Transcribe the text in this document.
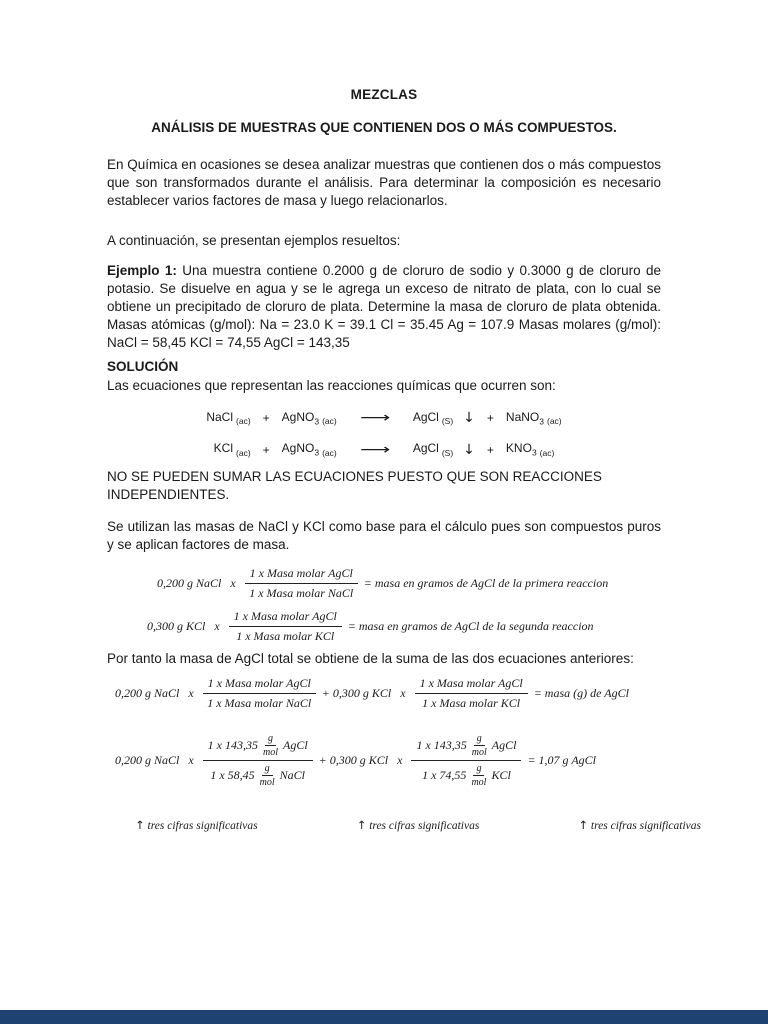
MEZCLAS
ANÁLISIS DE MUESTRAS QUE CONTIENEN DOS O MÁS COMPUESTOS.

En Química en ocasiones se desea analizar muestras que contienen dos o más compuestos que son transformados durante el análisis. Para determinar la composición es necesario establecer varios factores de masa y luego relacionarlos.

A continuación, se presentan ejemplos resueltos:

Ejemplo 1: Una muestra contiene 0.2000 g de cloruro de sodio y 0.3000 g de cloruro de potasio. Se disuelve en agua y se le agrega un exceso de nitrato de plata, con lo cual se obtiene un precipitado de cloruro de plata. Determine la masa de cloruro de plata obtenida. Masas atómicas (g/mol): Na = 23.0 K = 39.1 Cl = 35.45 Ag = 107.9 Masas molares (g/mol): NaCl = 58,45 KCl = 74,55 AgCl = 143,35

SOLUCIÓN

Las ecuaciones que representan las reacciones químicas que ocurren son:

NaCl $_{(ac)}$ + AgNO$_3$ $_{(ac)}$ ⟶ AgCl $_{(S)}$ ↓ + NaNO$_3$ $_{(ac)}$
KCl $_{(ac)}$ + AgNO$_3$ $_{(ac)}$ ⟶ AgCl $_{(S)}$ ↓ + $KNO_3$ $_{(ac)}$

NO SE PUEDEN SUMAR LAS ECUACIONES PUESTO QUE SON REACCIONES INDEPENDIENTES.

Se utilizan las masas de NaCl y KCl como base para el cálculo pues son compuestos puros y se aplican factores de masa.

0,200 g NaCl x $\frac{\text{1 x Masa molar AgCl}}{\text{1 x Masa molar NaCl}}$ = masa en gramos de AgCl de la primera reaccion
0,300 g KCl x $\frac{\text{1 x Masa molar AgCl}}{\text{1 x Masa molar KCl}}$ = masa en gramos de AgCl de la segunda reaccion

Por tanto la masa de AgCl total se obtiene de la suma de las dos ecuaciones anteriores:

0,200 g NaCl x $\frac{\text{1 x Masa molar AgCl}}{\text{1 x Masa molar NaCl}} + 0,300$ g KCl x $\frac{\text{1 x Masa molar AgCl}}{\text{1 x Masa molar KCl}}$ = masa (g) de AgCl
0,200 g NaCl x 1 x 143,35	g
mol
AgCl
1 x 58,45	g
mol
NaCl + 0,300 g KCl x 1 x 143,35	g
mol
AgCl
1 x 74,55	g
mol
KCl = 1,07 g AgCl
↑ tres cifras significativas	↑ tres cifras significativas	↑ tres cifras significativas
